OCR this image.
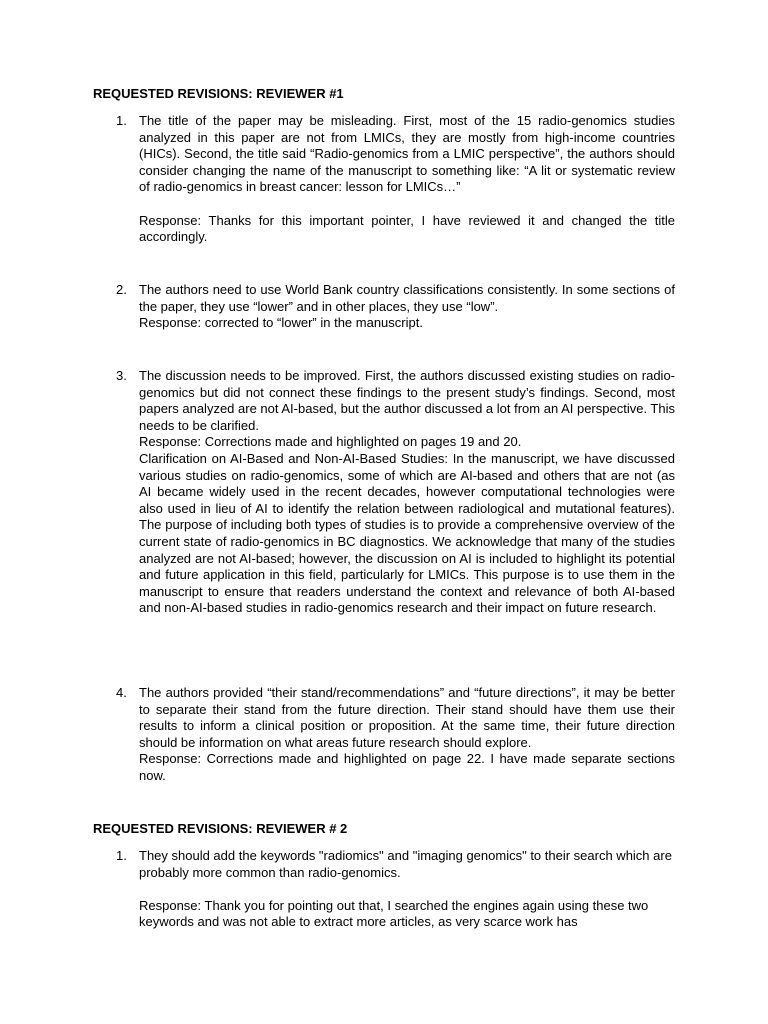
REQUESTED REVISIONS: REVIEWER #1
1. The title of the paper may be misleading. First, most of the 15 radio-genomics studies analyzed in this paper are not from LMICs, they are mostly from high-income countries (HICs). Second, the title said “Radio-genomics from a LMIC perspective”, the authors should consider changing the name of the manuscript to something like: “A lit or systematic review of radio-genomics in breast cancer: lesson for LMICs…”

Response: Thanks for this important pointer, I have reviewed it and changed the title accordingly.

2. The authors need to use World Bank country classifications consistently. In some sections of the paper, they use “lower” and in other places, they use “low”.

Response: corrected to “lower” in the manuscript.

3. The discussion needs to be improved. First, the authors discussed existing studies on radio-genomics but did not connect these findings to the present study’s findings. Second, most papers analyzed are not AI-based, but the author discussed a lot from an AI perspective. This needs to be clarified.

Response: Corrections made and highlighted on pages 19 and 20.

Clarification on AI-Based and Non-AI-Based Studies: In the manuscript, we have discussed various studies on radio-genomics, some of which are AI-based and others that are not (as AI became widely used in the recent decades, however computational technologies were also used in lieu of AI to identify the relation between radiological and mutational features). The purpose of including both types of studies is to provide a comprehensive overview of the current state of radio-genomics in BC diagnostics. We acknowledge that many of the studies analyzed are not AI-based; however, the discussion on AI is included to highlight its potential and future application in this field, particularly for LMICs. This purpose is to use them in the manuscript to ensure that readers understand the context and relevance of both AI-based and non-AI-based studies in radio-genomics research and their impact on future research.

4. The authors provided “their stand/recommendations” and “future directions”, it may be better to separate their stand from the future direction. Their stand should have them use their results to inform a clinical position or proposition. At the same time, their future direction should be information on what areas future research should explore.

Response: Corrections made and highlighted on page 22. I have made separate sections now.

REQUESTED REVISIONS: REVIEWER # 2
1. They should add the keywords "radiomics" and "imaging genomics" to their search which are probably more common than radio-genomics.

Response: Thank you for pointing out that, I searched the engines again using these two keywords and was not able to extract more articles, as very scarce work has
